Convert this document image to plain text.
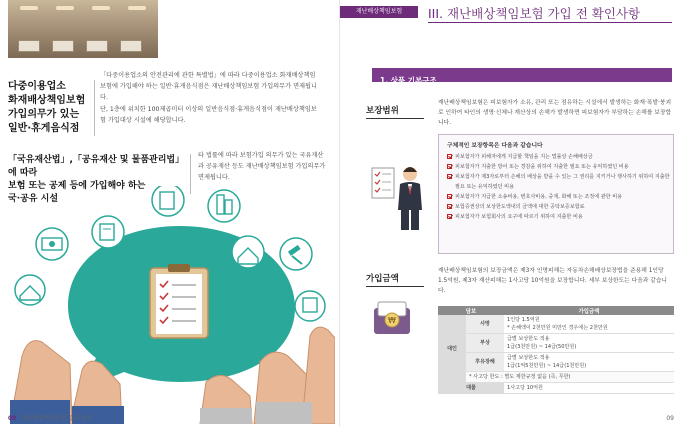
다중이용업소
화재배상책임보험
가입의무가 있는
일반·휴게음식점
「다중이용업소의 안전관리에 관한 특별법」에 따라 다중이용업소 화재배상책임보험에 가입해야 하는 일반·휴게음식점은 재난배상책임보험 가입의무가 면제됩니다.
단, 1층에 위치한 100제곱미터 이상의 일반음식점·휴게음식점이 재난배상책임보험 가입대상 시설에 해당합니다.
「국유재산법」,「공유재산 및 물품관리법」에 따라
보험 또는 공제 등에 가입해야 하는
국·공유 시설
타 법률에 따라 보험가입 의무가 있는 국유재산과 공유재산 등도 재난배상책임보험 가입의무가 면제됩니다.
08 재난배상책임보험 길라잡이
재난배상책임보험	III. 재난배상책임보험 가입 전 확인사항
1. 상품 기본구조
보장범위
재난배상책임보험은 피보험자가 소유, 관리 또는 점유하는 시설에서 발생하는 화재·폭발·붕괴로 인하여 타인의 생명·신체나 재산상의 손해가 발생하면 피보험자가 부담하는 손해를 보장합니다.
구체적인 보장항목은 다음과 같습니다
피보험자가 피해자에게 지급할 책임을 지는 법률상 손해배상금
피보험자가 지출한 방어 또는 경감을 위하여 지출한 필요 또는 유익하였던 비용
피보험자가 제3자로부터 손해의 배상을 받을 수 있는 그 권리를 지키거나 행사하기 위하여 지출한 필요 또는 유익하였던 비용
피보험자가 지급한 소송비용, 변호사비용, 중재, 화해 또는 조정에 관한 비용
보험증권상의 보상한도액내의 금액에 대한 공탁보증보험료
피보험자가 보험회사의 요구에 따르기 위하여 지출한 비용
가입금액
재난배상책임보험의 보장금액은 제3자 인명피해는 자동차손해배상보장법을 준용해 1인당 1.5억원, 제3자 재산피해는 1사고당 10억원을 보장합니다. 세부 보상한도는 다음과 같습니다.
₩
담보		가입금액
대인	사망	1인당 1.5억원
* 손해액이 2천만원 미만인 경우에는 2천만원

	부상	급별 보상한도 적용
1급(3천만원) ~ 14급(50만원)

	후유장해	급별 보상한도 적용
1급(1억5천만원) ~ 14급(1천만원)

	* 사고당 한도 : 별도 제한규정 없음 (즉, 무한)	
대물		1사고당 10억원
09
